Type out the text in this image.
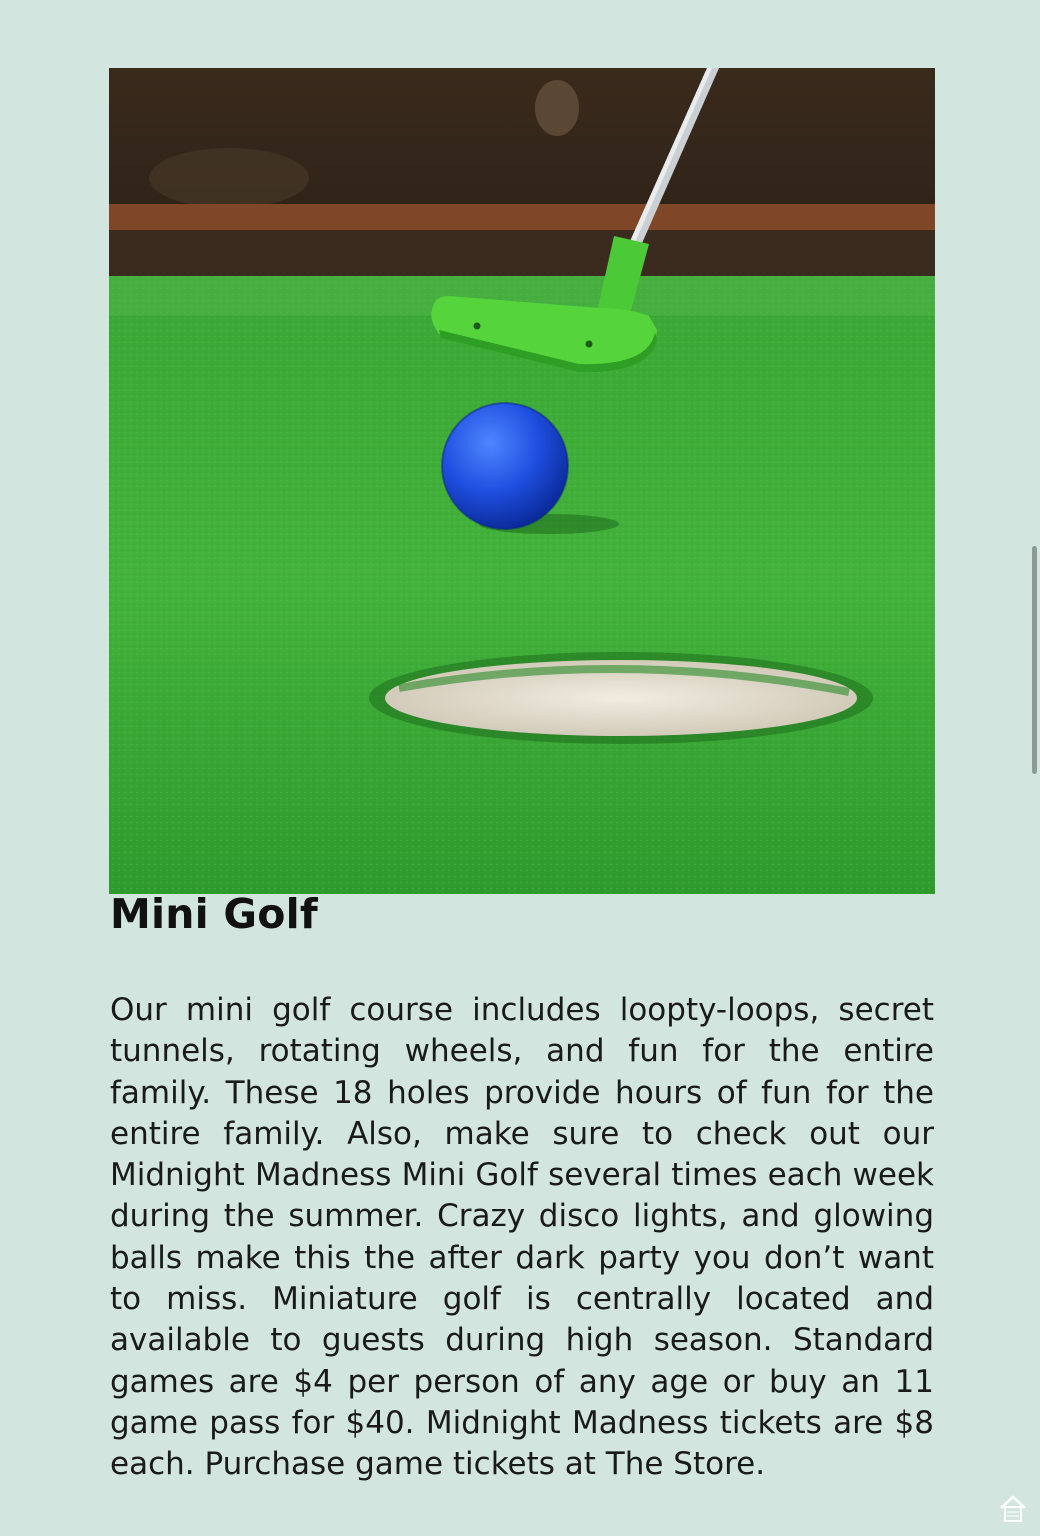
Mini Golf

Our mini golf course includes loopty-loops, secret tunnels, rotating wheels, and fun for the entire family. These 18 holes provide hours of fun for the entire family. Also, make sure to check out our Midnight Madness Mini Golf several times each week during the summer. Crazy disco lights, and glowing balls make this the after dark party you don’t want to miss. Miniature golf is centrally located and available to guests during high season. Standard games are $4 per person of any age or buy an 11 game pass for $40. Midnight Madness tickets are $8 each. Purchase game tickets at The Store.
